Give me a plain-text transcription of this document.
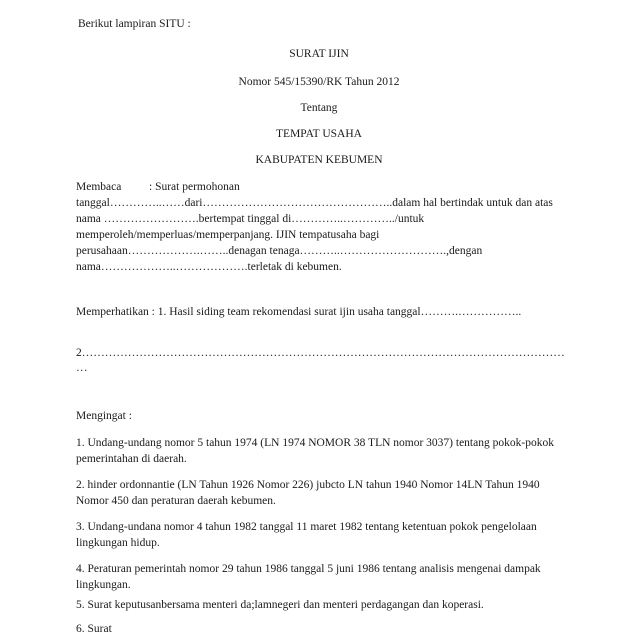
Berikut lampiran SITU :
SURAT IJIN
Nomor 545/15390/RK Tahun 2012
Tentang
TEMPAT USAHA
KABUPATEN KEBUMEN
Membaca : Surat permohonan
tanggal…………..……dari…………………………………………..dalam hal bertindak untuk dan atas
nama …………………….bertempat tinggal di…………..…………../untuk
memperoleh/memperluas/memperpanjang. IJIN tempatusaha bagi
perusahaan……………….……..denagan tenaga………..……………………….,dengan
nama………………..……………….terletak di kebumen.
Memperhatikan : 1. Hasil siding team rekomendasi surat ijin usaha tanggal……….……………..
2………………………………………………………………………………………………………………
…
Mengingat :
1. Undang-undang nomor 5 tahun 1974 (LN 1974 NOMOR 38 TLN nomor 3037) tentang pokok-pokok
pemerintahan di daerah.
2. hinder ordonnantie (LN Tahun 1926 Nomor 226) jubcto LN tahun 1940 Nomor 14LN Tahun 1940
Nomor 450 dan peraturan daerah kebumen.
3. Undang-undana nomor 4 tahun 1982 tanggal 11 maret 1982 tentang ketentuan pokok pengelolaan
lingkungan hidup.
4. Peraturan pemerintah nomor 29 tahun 1986 tanggal 5 juni 1986 tentang analisis mengenai dampak
lingkungan.
5. Surat keputusanbersama menteri da;lamnegeri dan menteri perdagangan dan koperasi.
6. Surat
